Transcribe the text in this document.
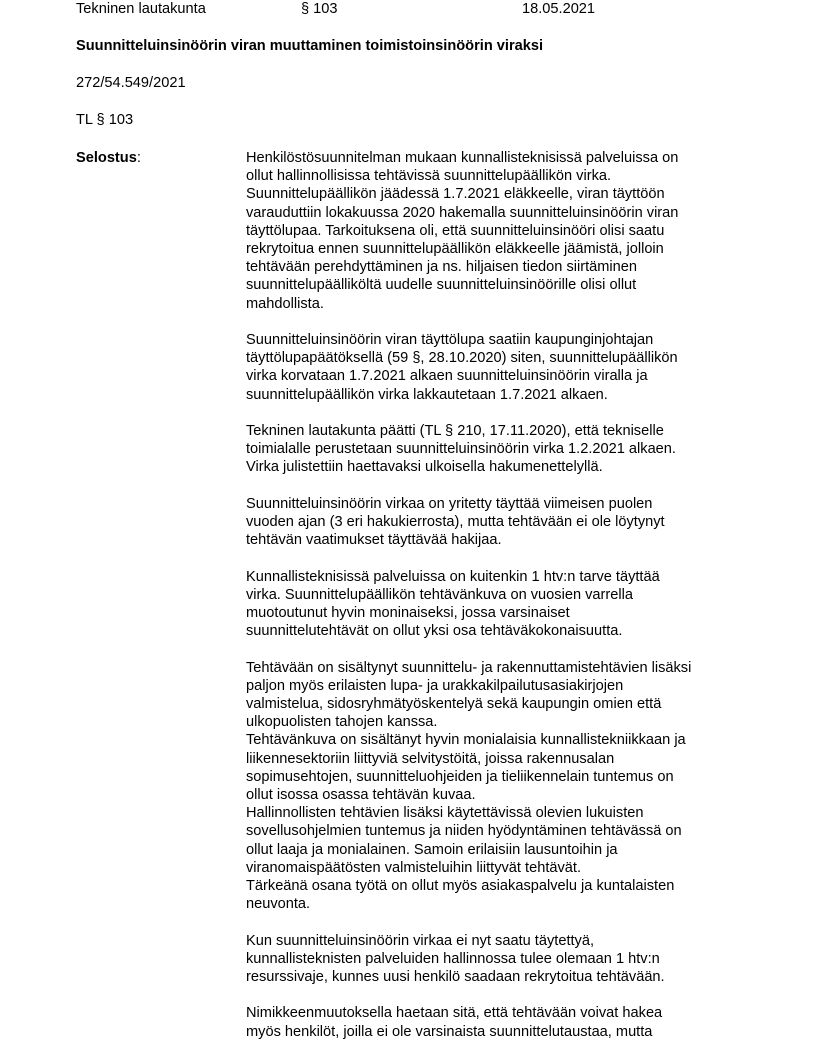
Tekninen lautakunta	§ 103	18.05.2021
Suunnitteluinsinöörin viran muuttaminen toimistoinsinöörin viraksi
272/54.549/2021
TL § 103
Selostus:	Henkilöstösuunnitelman mukaan kunnallisteknisissä palveluissa on
ollut hallinnollisissa tehtävissä suunnittelupäällikön virka.
Suunnittelupäällikön jäädessä 1.7.2021 eläkkeelle, viran täyttöön
varauduttiin lokakuussa 2020 hakemalla suunnitteluinsinöörin viran
täyttölupaa. Tarkoituksena oli, että suunnitteluinsinööri olisi saatu
rekrytoitua ennen suunnittelupäällikön eläkkeelle jäämistä, jolloin
tehtävään perehdyttäminen ja ns. hiljaisen tiedon siirtäminen
suunnittelupäälliköltä uudelle suunnitteluinsinöörille olisi ollut
mahdollista.

Suunnitteluinsinöörin viran täyttölupa saatiin kaupunginjohtajan
täyttölupapäätöksellä (59 §, 28.10.2020) siten, suunnittelupäällikön
virka korvataan 1.7.2021 alkaen suunnitteluinsinöörin viralla ja
suunnittelupäällikön virka lakkautetaan 1.7.2021 alkaen.

Tekninen lautakunta päätti (TL § 210, 17.11.2020), että tekniselle
toimialalle perustetaan suunnitteluinsinöörin virka 1.2.2021 alkaen.
Virka julistettiin haettavaksi ulkoisella hakumenettelyllä.

Suunnitteluinsinöörin virkaa on yritetty täyttää viimeisen puolen
vuoden ajan (3 eri hakukierrosta), mutta tehtävään ei ole löytynyt
tehtävän vaatimukset täyttävää hakijaa.

Kunnallisteknisissä palveluissa on kuitenkin 1 htv:n tarve täyttää
virka. Suunnittelupäällikön tehtävänkuva on vuosien varrella
muotoutunut hyvin moninaiseksi, jossa varsinaiset
suunnittelutehtävät on ollut yksi osa tehtäväkokonaisuutta.

Tehtävään on sisältynyt suunnittelu- ja rakennuttamistehtävien lisäksi
paljon myös erilaisten lupa- ja urakkakilpailutusasiakirjojen
valmistelua, sidosryhmätyöskentelyä sekä kaupungin omien että
ulkopuolisten tahojen kanssa.
Tehtävänkuva on sisältänyt hyvin monialaisia kunnallistekniikkaan ja
liikennesektoriin liittyviä selvitystöitä, joissa rakennusalan
sopimusehtojen, suunnitteluohjeiden ja tieliikennelain tuntemus on
ollut isossa osassa tehtävän kuvaa.
Hallinnollisten tehtävien lisäksi käytettävissä olevien lukuisten
sovellusohjelmien tuntemus ja niiden hyödyntäminen tehtävässä on
ollut laaja ja monialainen. Samoin erilaisiin lausuntoihin ja
viranomaispäätösten valmisteluihin liittyvät tehtävät.
Tärkeänä osana työtä on ollut myös asiakaspalvelu ja kuntalaisten
neuvonta.

Kun suunnitteluinsinöörin virkaa ei nyt saatu täytettyä,
kunnallisteknisten palveluiden hallinnossa tulee olemaan 1 htv:n
resurssivaje, kunnes uusi henkilö saadaan rekrytoitua tehtävään.

Nimikkeenmuutoksella haetaan sitä, että tehtävään voivat hakea
myös henkilöt, joilla ei ole varsinaista suunnittelutaustaa, mutta
